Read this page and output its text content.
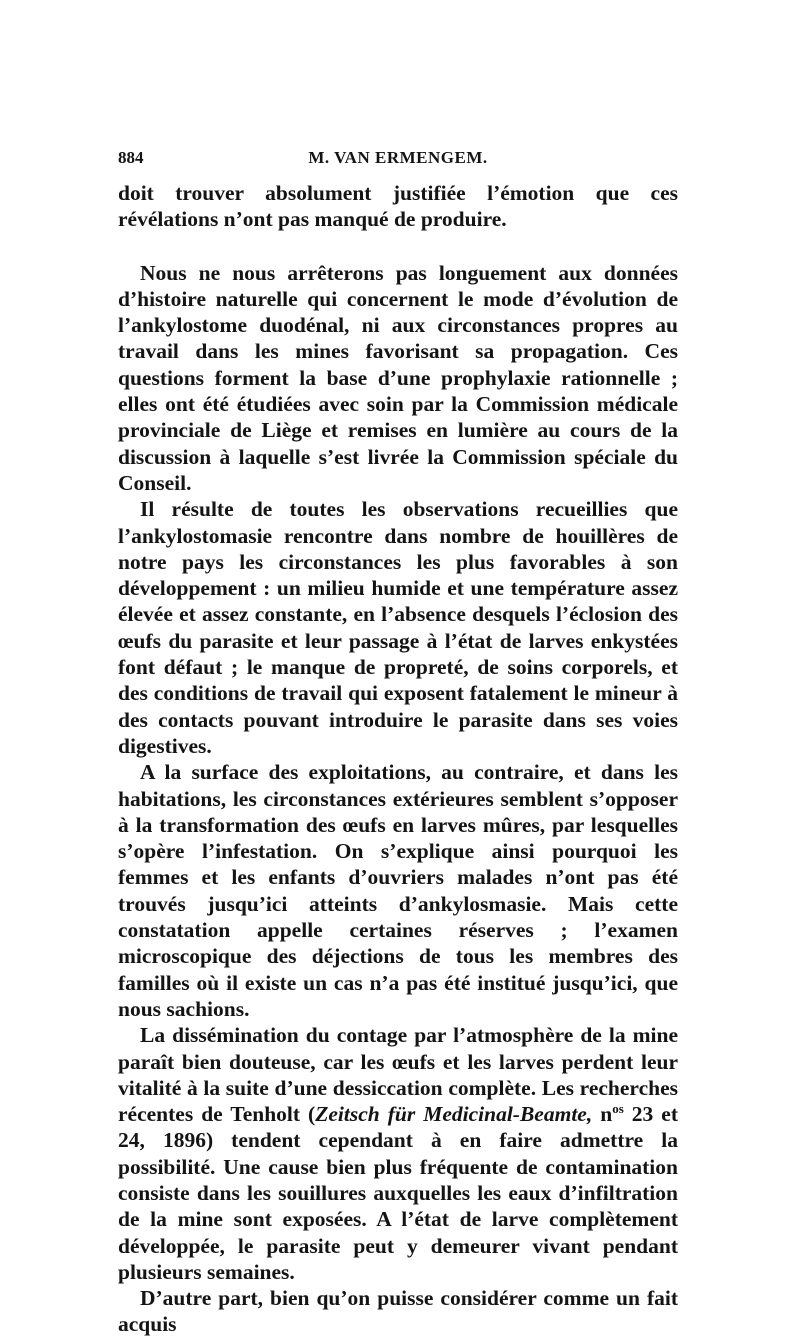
884	M. VAN ERMENGEM.

doit trouver absolument justifiée l’émotion que ces révélations n’ont pas manqué de produire.

Nous ne nous arrêterons pas longuement aux données d’histoire naturelle qui concernent le mode d’évolution de l’ankylostome duodénal, ni aux circonstances propres au travail dans les mines favorisant sa propagation. Ces questions forment la base d’une prophylaxie rationnelle ; elles ont été étudiées avec soin par la Commission médicale provinciale de Liège et remises en lumière au cours de la discussion à laquelle s’est livrée la Commission spéciale du Conseil.

Il résulte de toutes les observations recueillies que l’ankylostomasie rencontre dans nombre de houillères de notre pays les circonstances les plus favorables à son développement : un milieu humide et une température assez élevée et assez constante, en l’absence desquels l’éclosion des œufs du parasite et leur passage à l’état de larves enkystées font défaut ; le manque de propreté, de soins corporels, et des conditions de travail qui exposent fatalement le mineur à des contacts pouvant introduire le parasite dans ses voies digestives.

A la surface des exploitations, au contraire, et dans les habitations, les circonstances extérieures semblent s’opposer à la transformation des œufs en larves mûres, par lesquelles s’opère l’infestation. On s’explique ainsi pourquoi les femmes et les enfants d’ouvriers malades n’ont pas été trouvés jusqu’ici atteints d’ankylosmasie. Mais cette constatation appelle certaines réserves ; l’examen microscopique des déjections de tous les membres des familles où il existe un cas n’a pas été institué jusqu’ici, que nous sachions.

La dissémination du contage par l’atmosphère de la mine paraît bien douteuse, car les œufs et les larves perdent leur vitalité à la suite d’une dessiccation complète. Les recherches récentes de Tenholt (Zeitsch für Medicinal-Beamte, $n^{os}$ 23 et 24, 1896) tendent cependant à en faire admettre la possibilité. Une cause bien plus fréquente de contamination consiste dans les souillures auxquelles les eaux d’infiltration de la mine sont exposées. A l’état de larve complètement développée, le parasite peut y demeurer vivant pendant plusieurs semaines.

D’autre part, bien qu’on puisse considérer comme un fait acquis
